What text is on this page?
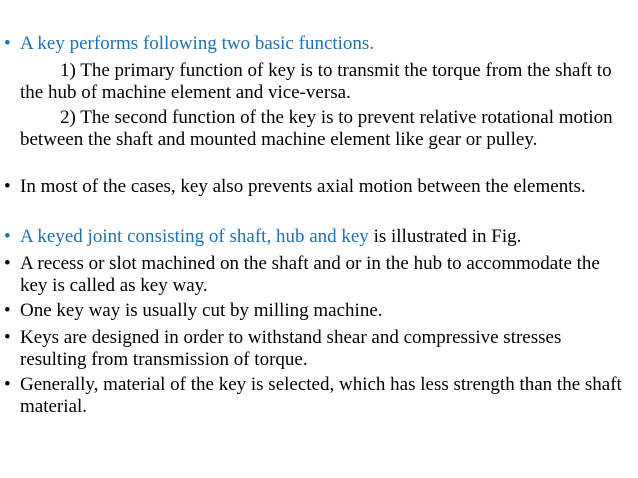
• A key performs following two basic functions.

1) The primary function of key is to transmit the torque from the shaft to the hub of machine element and vice-versa.

2) The second function of the key is to prevent relative rotational motion between the shaft and mounted machine element like gear or pulley.

• In most of the cases, key also prevents axial motion between the elements.

• A keyed joint consisting of shaft, hub and key is illustrated in Fig.

• A recess or slot machined on the shaft and or in the hub to accommodate the key is called as key way.

• One key way is usually cut by milling machine.

• Keys are designed in order to withstand shear and compressive stresses resulting from transmission of torque.

• Generally, material of the key is selected, which has less strength than the shaft material.
